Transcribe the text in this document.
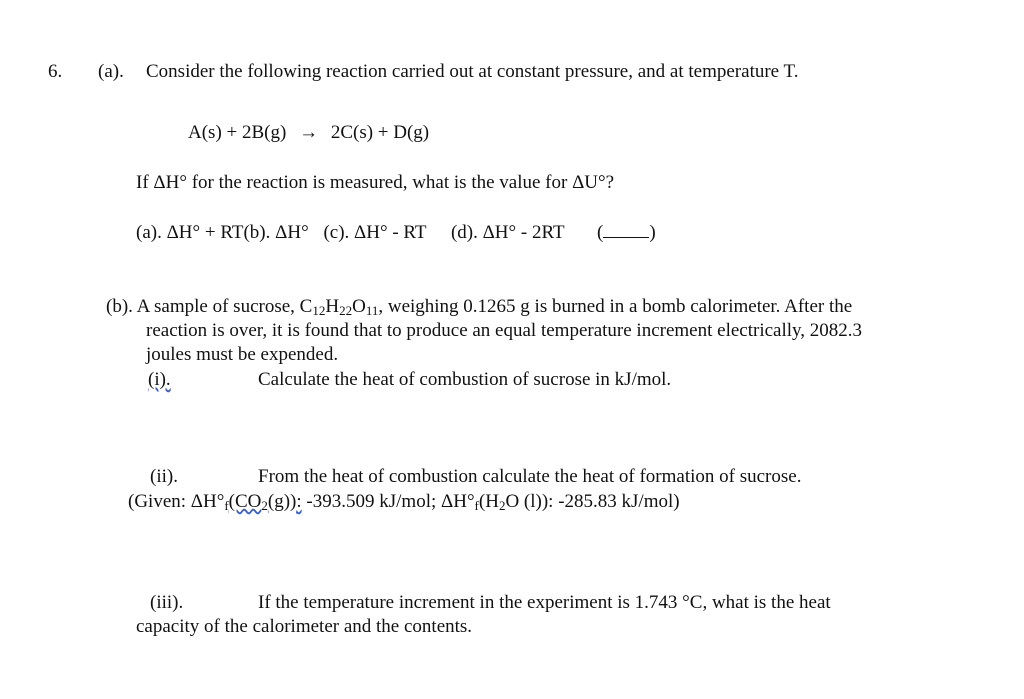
6. (a). Consider the following reaction carried out at constant pressure, and at temperature T.
A(s) + 2B(g) → 2C(s) + D(g)
If ΔH° for the reaction is measured, what is the value for ΔU°?
(a). ΔH° + RT(b). ΔH° (c). ΔH° - RT (d). ΔH° - 2RT ( )
(b). A sample of sucrose, $C_{12}H_{22}O_{11}$, weighing 0.1265 g is burned in a bomb calorimeter. After the
reaction is over, it is found that to produce an equal temperature increment electrically, 2082.3
joules must be expended.
(i).	Calculate the heat of combustion of sucrose in kJ/mol.
(ii).	From the heat of combustion calculate the heat of formation of sucrose.
(Given: $\Delta H^\circ_f(CO_2(g))$: -393.509 kJ/mol; $\Delta H^\circ_f(H_2O$ (l)): -285.83 kJ/mol)
(iii).	If the temperature increment in the experiment is 1.743 °C, what is the heat
capacity of the calorimeter and the contents.
